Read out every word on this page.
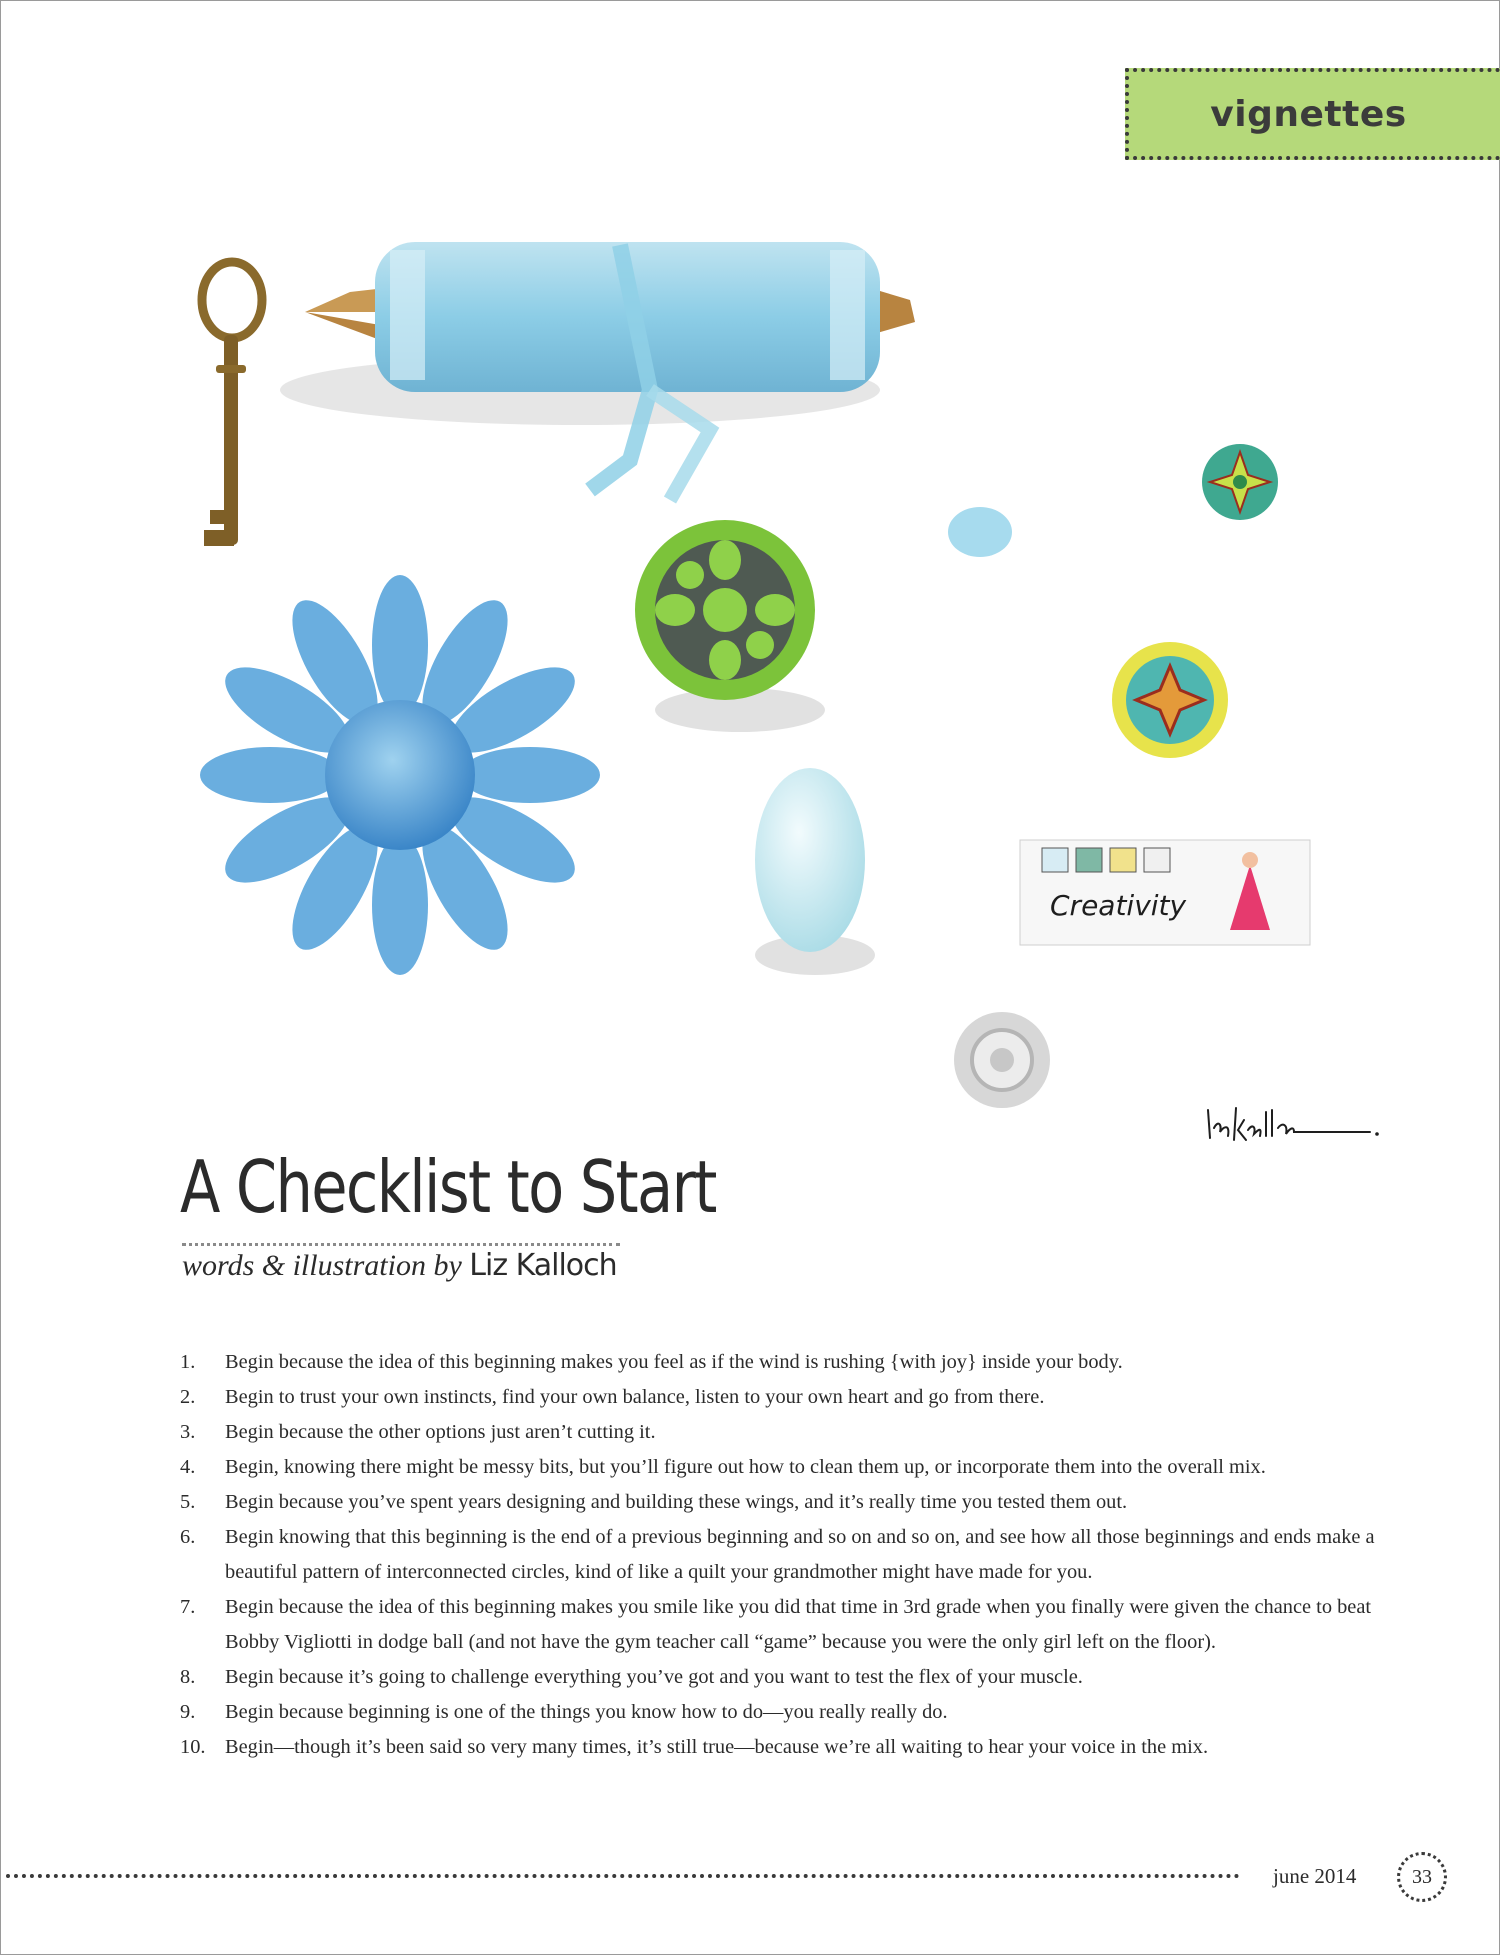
vignettes
Creativity
A Checklist to Start
words & illustration by Liz Kalloch
1. Begin because the idea of this beginning makes you feel as if the wind is rushing {with joy} inside your body.
2. Begin to trust your own instincts, find your own balance, listen to your own heart and go from there.
3. Begin because the other options just aren’t cutting it.
4. Begin, knowing there might be messy bits, but you’ll figure out how to clean them up, or incorporate them into the overall mix.
5. Begin because you’ve spent years designing and building these wings, and it’s really time you tested them out.
6. Begin knowing that this beginning is the end of a previous beginning and so on and so on, and see how all those beginnings and ends make a beautiful pattern of interconnected circles, kind of like a quilt your grandmother might have made for you.
7. Begin because the idea of this beginning makes you smile like you did that time in 3rd grade when you finally were given the chance to beat Bobby Vigliotti in dodge ball (and not have the gym teacher call “game” because you were the only girl left on the floor).
8. Begin because it’s going to challenge everything you’ve got and you want to test the flex of your muscle.
9. Begin because beginning is one of the things you know how to do—you really really do.
10. Begin—though it’s been said so very many times, it’s still true—because we’re all waiting to hear your voice in the mix.
june 2014	33
